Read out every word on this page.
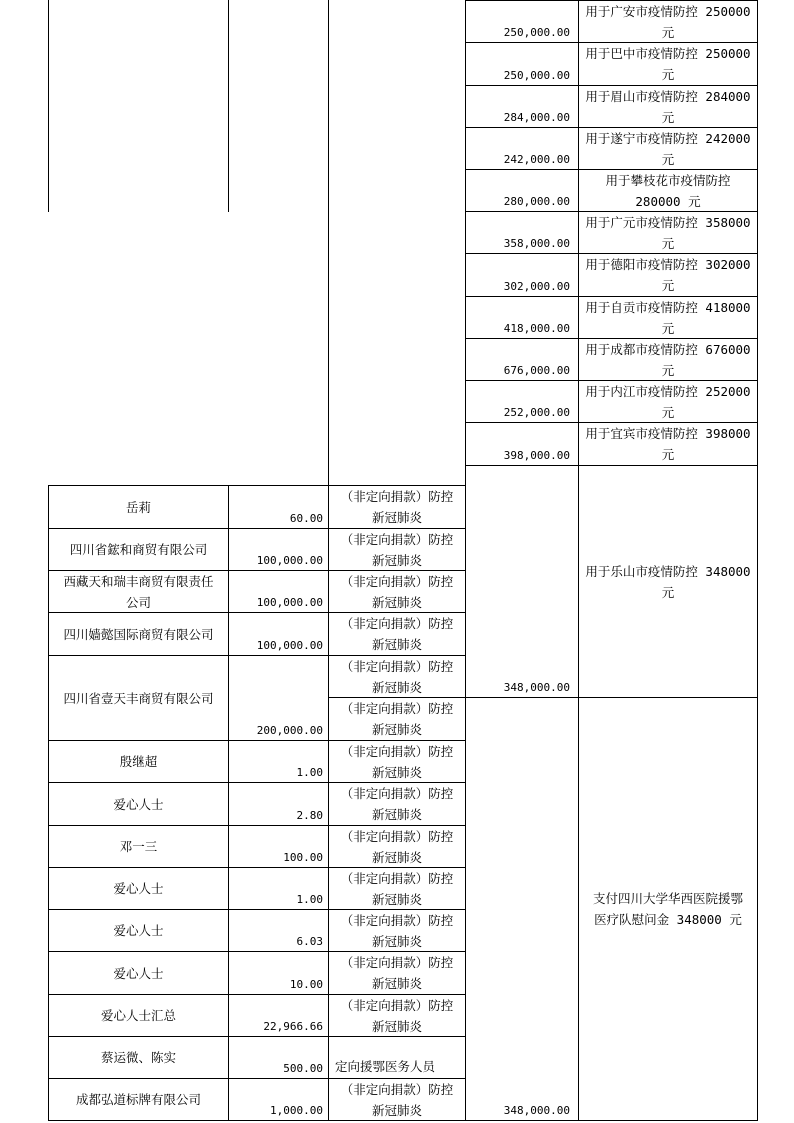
250,000.00
用于广安市疫情防控 250000
元
250,000.00
用于巴中市疫情防控 250000
元
284,000.00
用于眉山市疫情防控 284000
元
242,000.00
用于遂宁市疫情防控 242000
元
280,000.00
用于攀枝花市疫情防控
280000 元
358,000.00
用于广元市疫情防控 358000
元
302,000.00
用于德阳市疫情防控 302000
元
418,000.00
用于自贡市疫情防控 418000
元
676,000.00
用于成都市疫情防控 676000
元
252,000.00
用于内江市疫情防控 252000
元
398,000.00
用于宜宾市疫情防控 398000
元
348,000.00
用于乐山市疫情防控 348000
元
348,000.00
支付四川大学华西医院援鄂
医疗队慰问金 348000 元
岳莉
60.00
（非定向捐款）防控
新冠肺炎
四川省鋐和商贸有限公司
100,000.00
（非定向捐款）防控
新冠肺炎
西藏天和瑞丰商贸有限责任
公司	100,000.00
（非定向捐款）防控
新冠肺炎
四川嫱懿国际商贸有限公司
100,000.00
（非定向捐款）防控
新冠肺炎
四川省壹天丰商贸有限公司
200,000.00
（非定向捐款）防控
新冠肺炎
（非定向捐款）防控
新冠肺炎
殷继超
1.00
（非定向捐款）防控
新冠肺炎
爱心人士
2.80
（非定向捐款）防控
新冠肺炎
邓一三
100.00
（非定向捐款）防控
新冠肺炎
爱心人士
1.00
（非定向捐款）防控
新冠肺炎
爱心人士
6.03
（非定向捐款）防控
新冠肺炎
爱心人士
10.00
（非定向捐款）防控
新冠肺炎
爱心人士汇总
22,966.66
（非定向捐款）防控
新冠肺炎
蔡运微、陈实
500.00 定向援鄂医务人员
成都弘道标牌有限公司
1,000.00
（非定向捐款）防控
新冠肺炎
